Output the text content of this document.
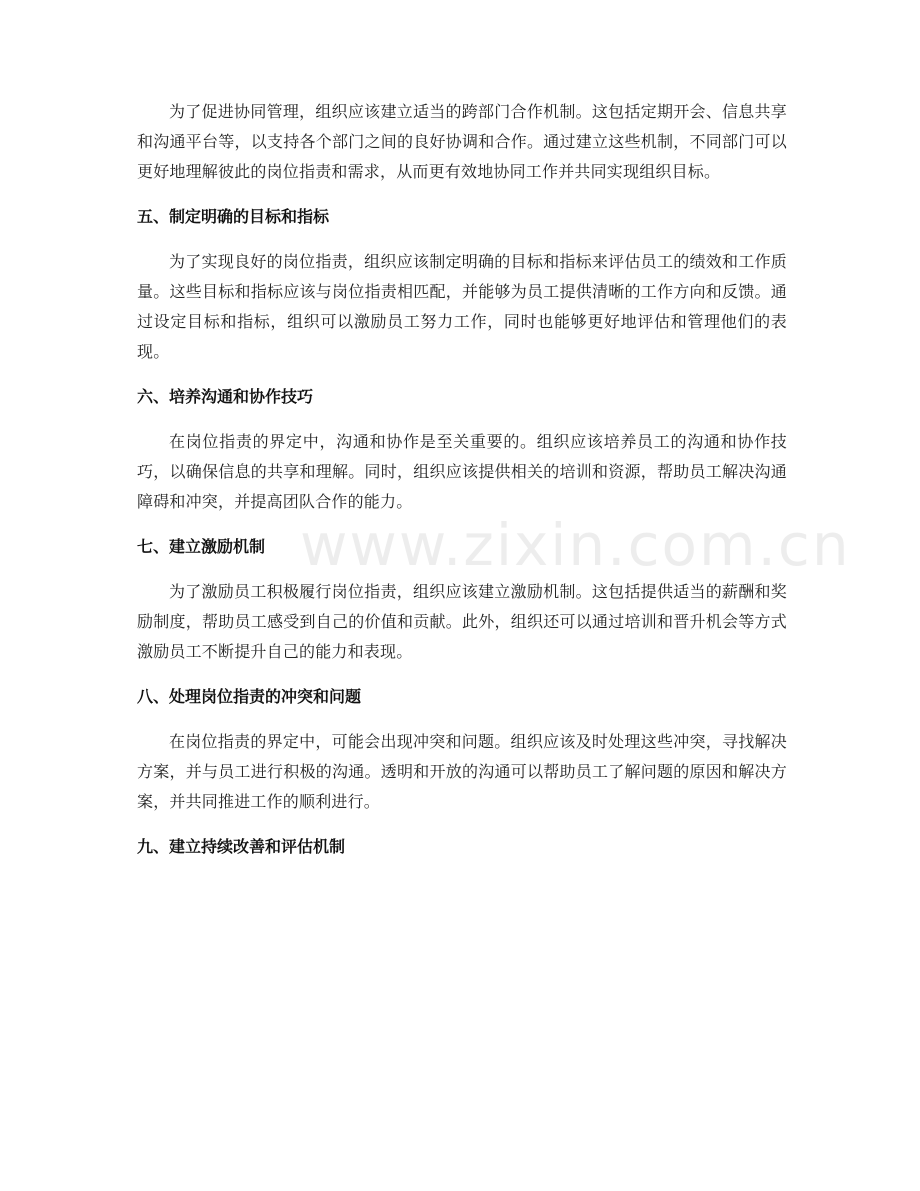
为了促进协同管理，组织应该建立适当的跨部门合作机制。这包括定期开会、信息共享和沟通平台等，以支持各个部门之间的良好协调和合作。通过建立这些机制，不同部门可以更好地理解彼此的岗位指责和需求，从而更有效地协同工作并共同实现组织目标。

五、制定明确的目标和指标

为了实现良好的岗位指责，组织应该制定明确的目标和指标来评估员工的绩效和工作质量。这些目标和指标应该与岗位指责相匹配，并能够为员工提供清晰的工作方向和反馈。通过设定目标和指标，组织可以激励员工努力工作，同时也能够更好地评估和管理他们的表现。

六、培养沟通和协作技巧

在岗位指责的界定中，沟通和协作是至关重要的。组织应该培养员工的沟通和协作技巧，以确保信息的共享和理解。同时，组织应该提供相关的培训和资源，帮助员工解决沟通障碍和冲突，并提高团队合作的能力。

七、建立激励机制

为了激励员工积极履行岗位指责，组织应该建立激励机制。这包括提供适当的薪酬和奖励制度，帮助员工感受到自己的价值和贡献。此外，组织还可以通过培训和晋升机会等方式激励员工不断提升自己的能力和表现。

八、处理岗位指责的冲突和问题

在岗位指责的界定中，可能会出现冲突和问题。组织应该及时处理这些冲突，寻找解决方案，并与员工进行积极的沟通。透明和开放的沟通可以帮助员工了解问题的原因和解决方案，并共同推进工作的顺利进行。

九、建立持续改善和评估机制
www.zixin.com.cn
